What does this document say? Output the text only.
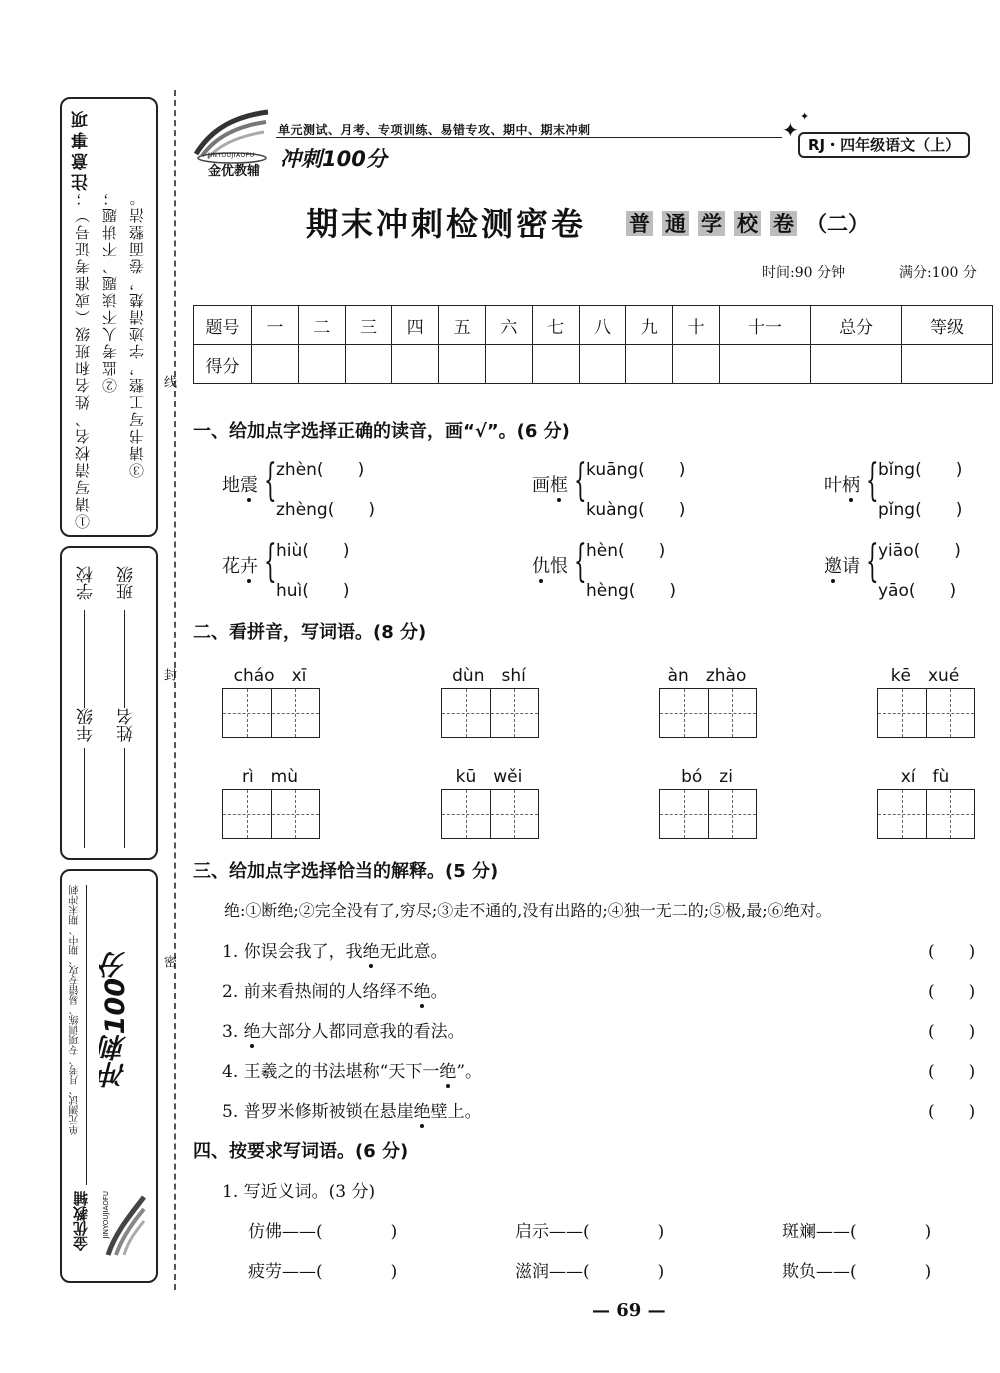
线
封
密
注意事项
①请写清校名、姓名和班级（或准考证号）； ②监考人不读题、不讲题； ③请书写工整，字迹清楚，卷面整洁。
学校
年级
班级
姓名
单元测试、月考、专项训练、易错专攻、期中、期末冲刺 冲刺100分
金优教辅 JINYOUJIAOFU
JINYOUJIAOFU
金优教辅
单元测试、月考、专项训练、易错专攻、期中、期末冲刺	✦
✦
冲刺100分
RJ・四年级语文（上）
期末冲刺检测密卷 普 通 学 校 卷 （二）
时间:90 分钟	满分:100 分
题号	一	二	三	四	五	六	七	八	九	十	十一	总分	等级
得分													
一、给加点字选择正确的读音，画“√”。(6 分)
地震 { zhèn(　　)
zhèng(　　)
画框 { kuāng(　　)
kuàng(　　)
叶柄 { bǐng(　　)
pǐng(　　)
花卉 { hiù(　　)
huì(　　)
仇恨 { hèn(　　)
hèng(　　)
邀请 { yiāo(　　)
yāo(　　)
二、看拼音，写词语。(8 分)
cháo　xī	dùn　shí	àn　zhào	kē　xué
rì　mù	kū　wěi	bó　zi	xí　fù
三、给加点字选择恰当的解释。(5 分)
绝:①断绝;②完全没有了,穷尽;③走不通的,没有出路的;④独一无二的;⑤极,最;⑥绝对。
1. 你误会我了，我绝无此意。	(　　)
2. 前来看热闹的人络绎不绝。	(　　)
3. 绝大部分人都同意我的看法。	(　　)
4. 王羲之的书法堪称“天下一绝”。	(　　)
5. 普罗米修斯被锁在悬崖绝壁上。	(　　)
四、按要求写词语。(6 分)
1. 写近义词。(3 分)
仿佛——(　　　　)	启示——(　　　　)	斑斓——(　　　　)
疲劳——(　　　　)	滋润——(　　　　)	欺负——(　　　　)
— 69 —
